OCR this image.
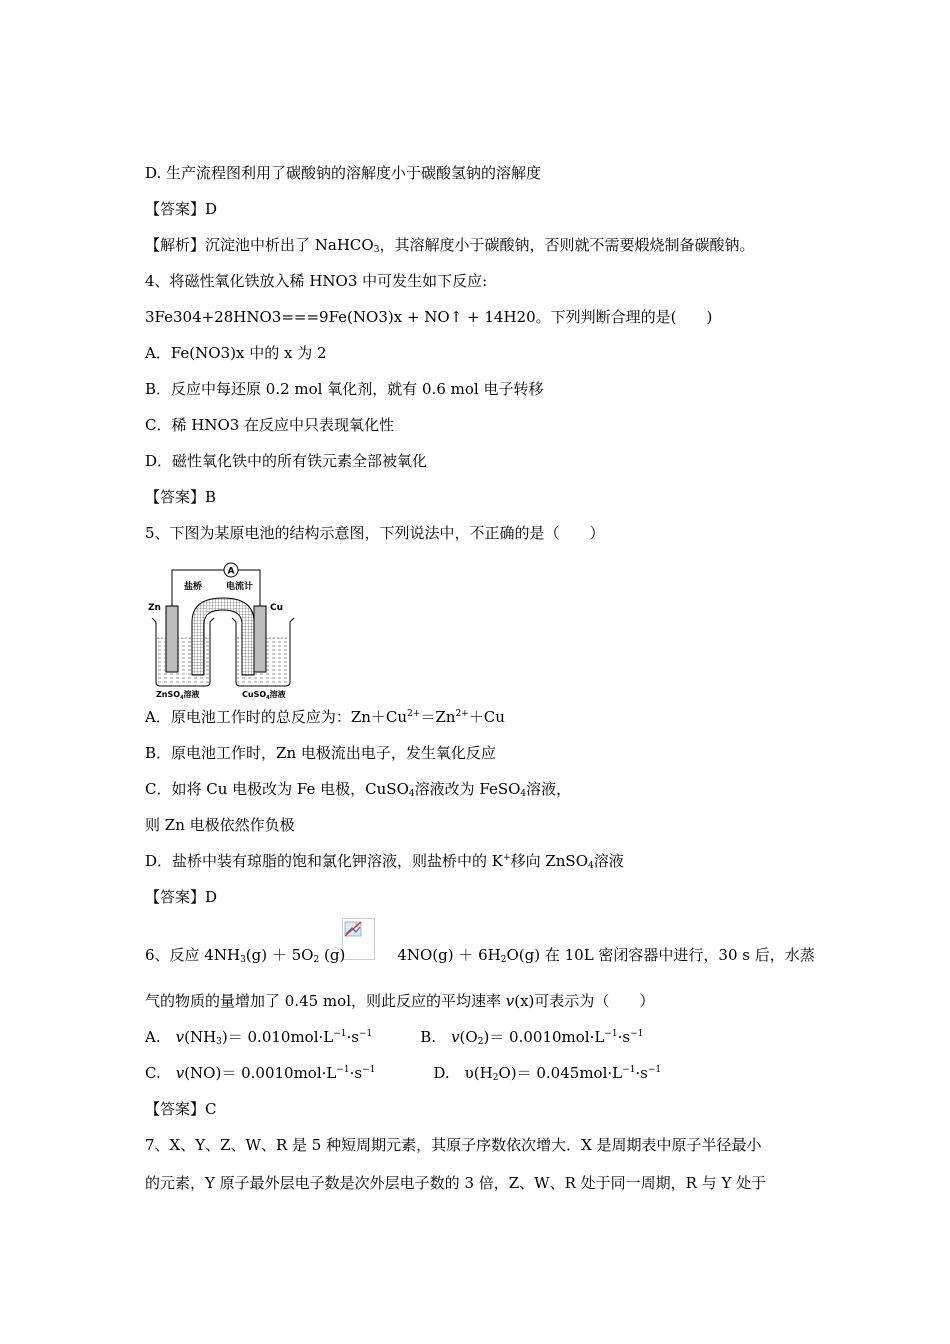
D. 生产流程图利用了碳酸钠的溶解度小于碳酸氢钠的溶解度
【答案】D
【解析】沉淀池中析出了 NaHCO$_3$，其溶解度小于碳酸钠，否则就不需要煅烧制备碳酸钠。
4、将磁性氧化铁放入稀 HNO3 中可发生如下反应:
3Fe304+28HNO3===9Fe(NO3)x + NO↑ + 14H20。下列判断合理的是(　　)
A．Fe(NO3)x 中的 x 为 2
B．反应中每还原 0.2 mol 氧化剂，就有 0.6 mol 电子转移
C．稀 HNO3 在反应中只表现氧化性
D．磁性氧化铁中的所有铁元素全部被氧化
【答案】B
5、下图为某原电池的结构示意图，下列说法中，不正确的是（　　）
A
盐桥	电流计
Zn	Cu
ZnSO$_4$溶液	CuSO$_4$溶液
A．原电池工作时的总反应为：$Zn+Cu^{2+}=Zn^{2+}+Cu$
B．原电池工作时，Zn 电极流出电子，发生氧化反应
C．如将 Cu 电极改为 Fe 电极，CuSO$_4$溶液改为 FeSO$_4$溶液，
则 Zn 电极依然作负极
D．盐桥中装有琼脂的饱和氯化钾溶液，则盐桥中的 K+移向 ZnSO$_4$溶液
【答案】D
6、反应 $4NH_3(g) + 5O_2$ (g)	$4NO(g) + 6H_2O(g)$ 在 10L 密闭容器中进行，30 s 后，水蒸
气的物质的量增加了 0.45 mol，则此反应的平均速率 v(x)可表示为（　　）
A.　$v(NH_3)= 0.010mol\cdot L^{-1}\cdot s^{-1}$	B.　$v(O_2)= 0.0010mol\cdot L^{-1}\cdot s^{-1}$
C.　$v(NO)= 0.0010mol\cdot L^{-1}\cdot s^{-1}$	D.　$\upsilon(H_2O)= 0.045mol\cdot L^{-1}\cdot s^{-1}$
【答案】C
7、X、Y、Z、W、R 是 5 种短周期元素，其原子序数依次增大．X 是周期表中原子半径最小
的元素，Y 原子最外层电子数是次外层电子数的 3 倍，Z、W、R 处于同一周期，R 与 Y 处于
